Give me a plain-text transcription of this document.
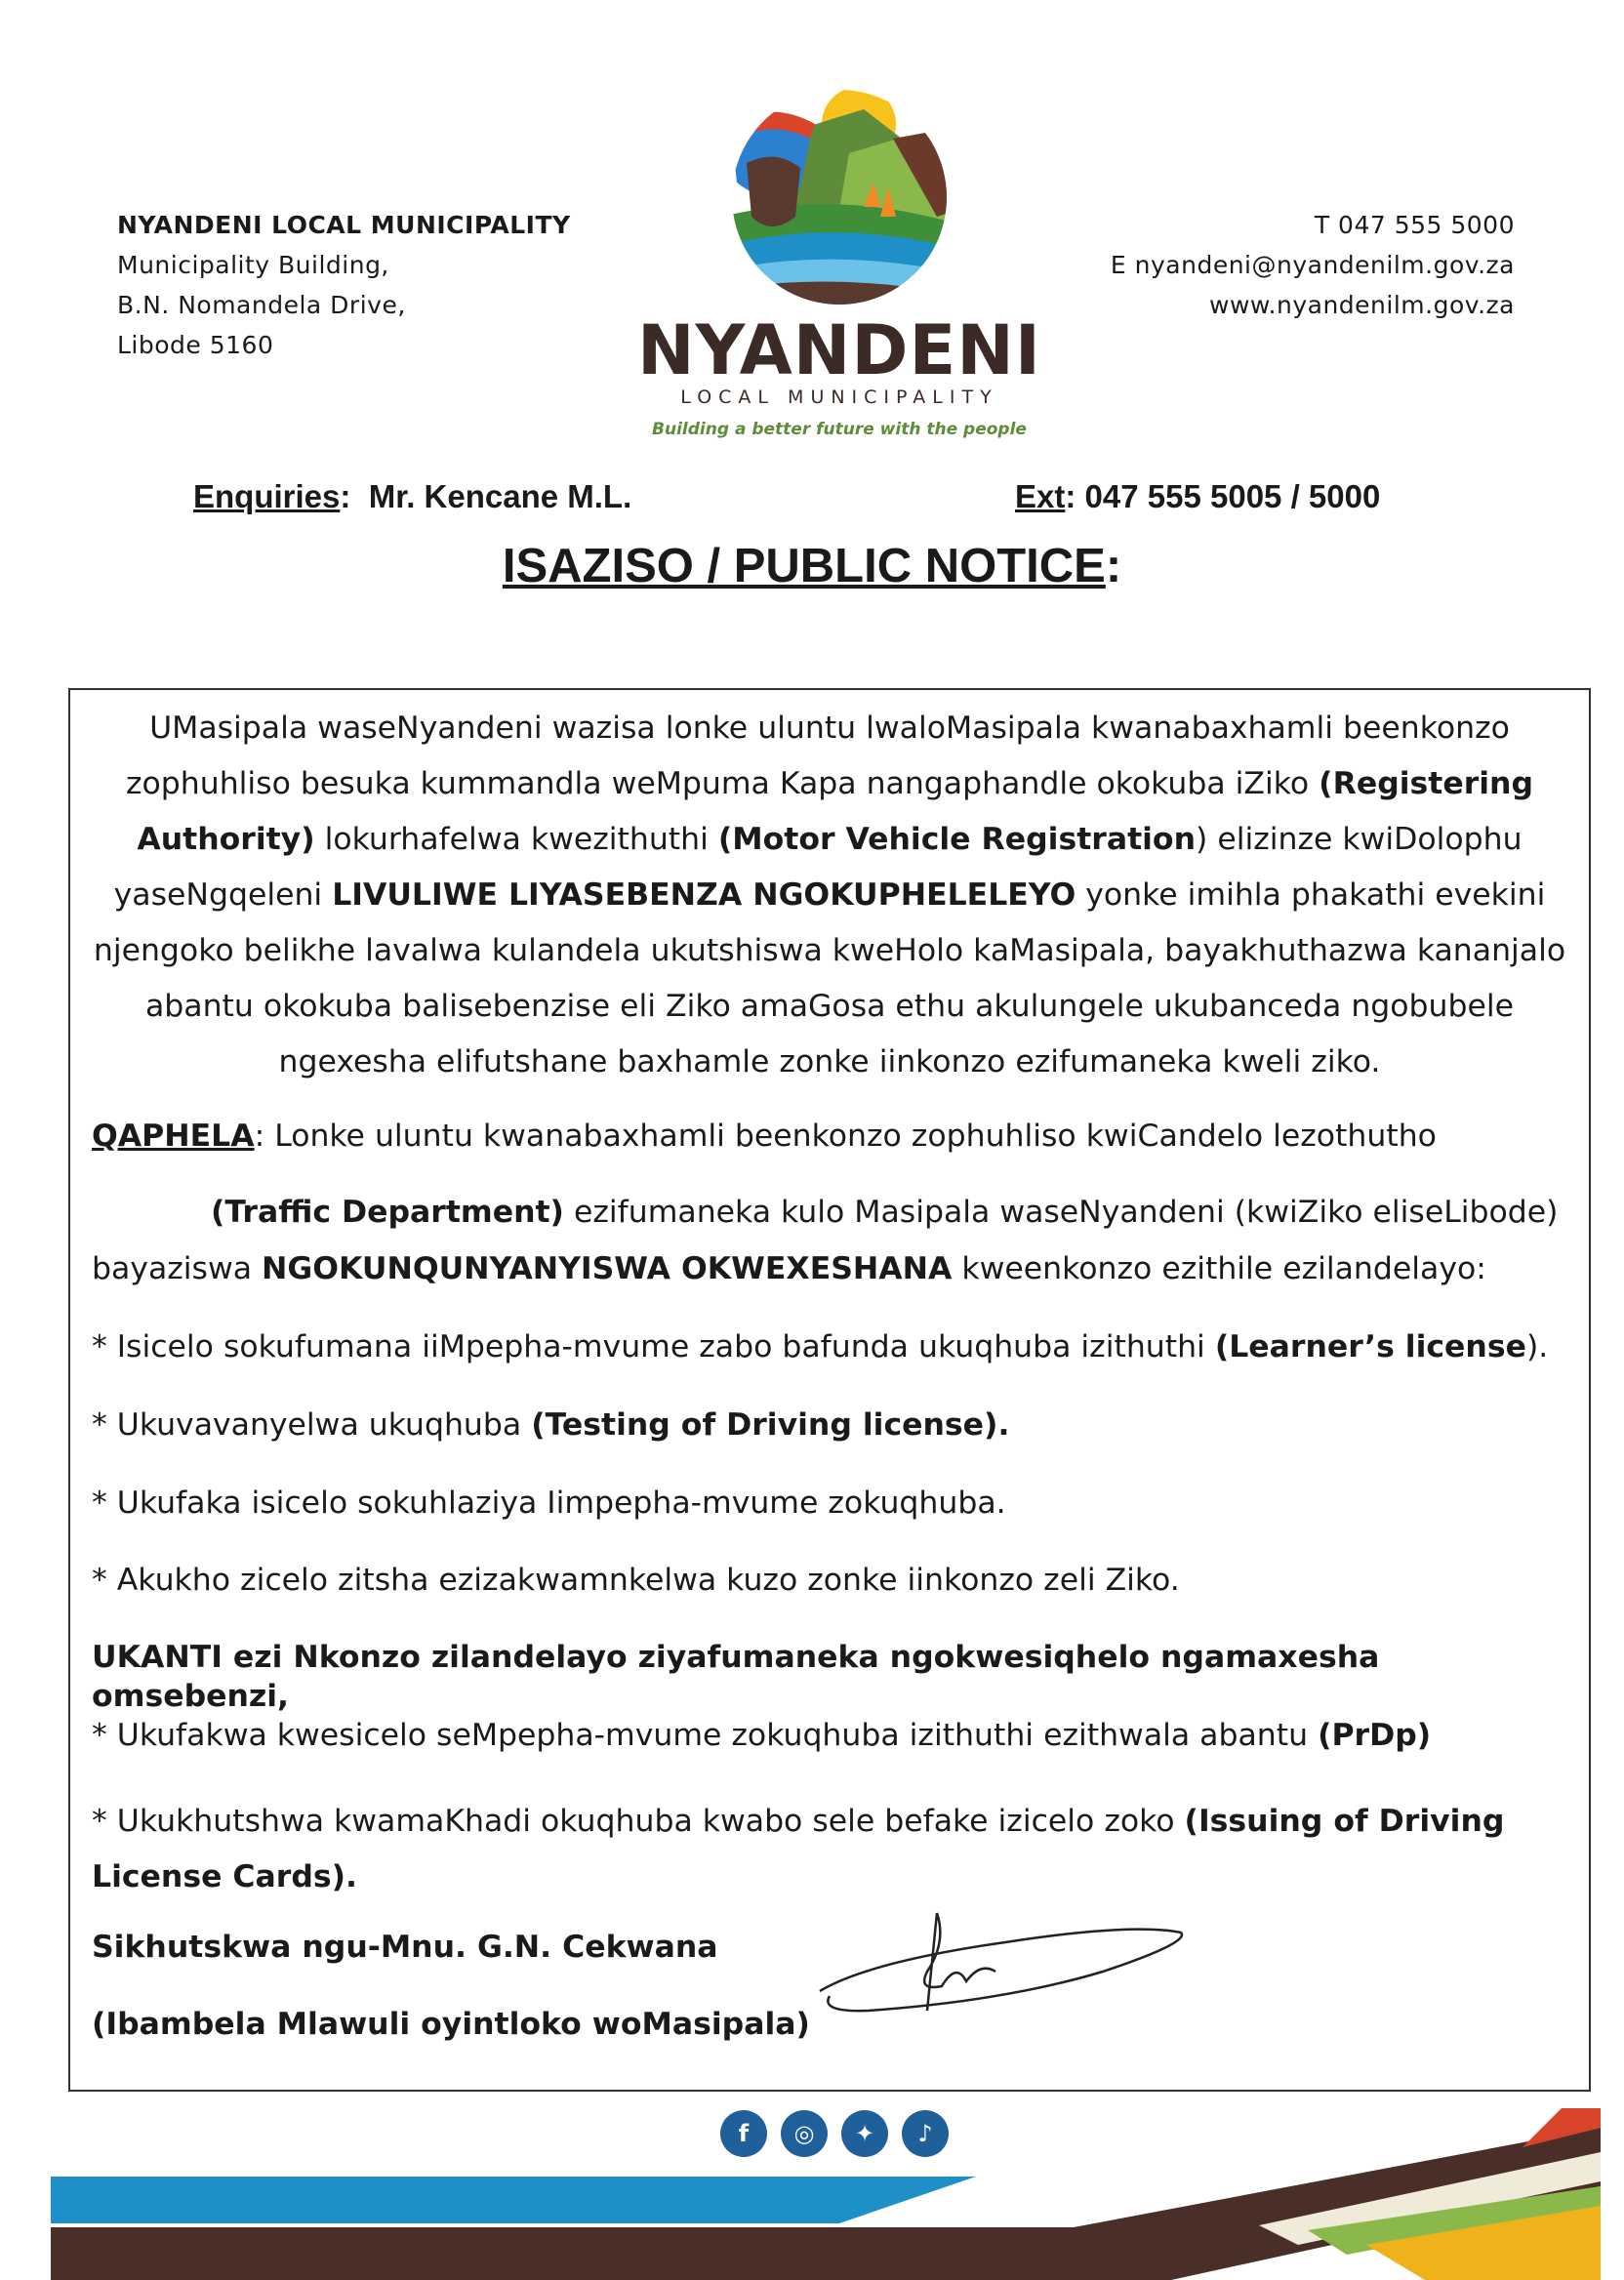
NYANDENI LOCAL MUNICIPALITY
Municipality Building,
B.N. Nomandela Drive,
Libode 5160
T 047 555 5000
E nyandeni@nyandenilm.gov.za
www.nyandenilm.gov.za
NYANDENI
LOCAL MUNICIPALITY
Building a better future with the people
Enquiries:  Mr. Kencane M.L.	Ext: 047 555 5005 / 5000
ISAZISO / PUBLIC NOTICE:
UMasipala waseNyandeni wazisa lonke uluntu lwaloMasipala kwanabaxhamli beenkonzo zophuhliso besuka kummandla weMpuma Kapa nangaphandle okokuba iZiko (Registering Authority) lokurhafelwa kwezithuthi (Motor Vehicle Registration) elizinze kwiDolophu yaseNgqeleni LIVULIWE LIYASEBENZA NGOKUPHELELEYO yonke imihla phakathi evekini njengoko belikhe lavalwa kulandela ukutshiswa kweHolo kaMasipala, bayakhuthazwa kananjalo abantu okokuba balisebenzise eli Ziko amaGosa ethu akulungele ukubanceda ngobubele ngexesha elifutshane baxhamle zonke iinkonzo ezifumaneka kweli ziko.
QAPHELA: Lonke uluntu kwanabaxhamli beenkonzo zophuhliso kwiCandelo lezothutho
(Traffic Department) ezifumaneka kulo Masipala waseNyandeni (kwiZiko eliseLibode)
bayaziswa NGOKUNQUNYANYISWA OKWEXESHANA kweenkonzo ezithile ezilandelayo:
* Isicelo sokufumana iiMpepha-mvume zabo bafunda ukuqhuba izithuthi (Learner’s license).
* Ukuvavanyelwa ukuqhuba (Testing of Driving license).
* Ukufaka isicelo sokuhlaziya Iimpepha-mvume zokuqhuba.
* Akukho zicelo zitsha ezizakwamnkelwa kuzo zonke iinkonzo zeli Ziko.
UKANTI ezi Nkonzo zilandelayo ziyafumaneka ngokwesiqhelo ngamaxesha omsebenzi,
* Ukufakwa kwesicelo seMpepha-mvume zokuqhuba izithuthi ezithwala abantu (PrDp)
* Ukukhutshwa kwamaKhadi okuqhuba kwabo sele befake izicelo zoko (Issuing of Driving
License Cards).
Sikhutskwa ngu-Mnu. G.N. Cekwana
(Ibambela Mlawuli oyintloko woMasipala)
f	◎	✦	♪
